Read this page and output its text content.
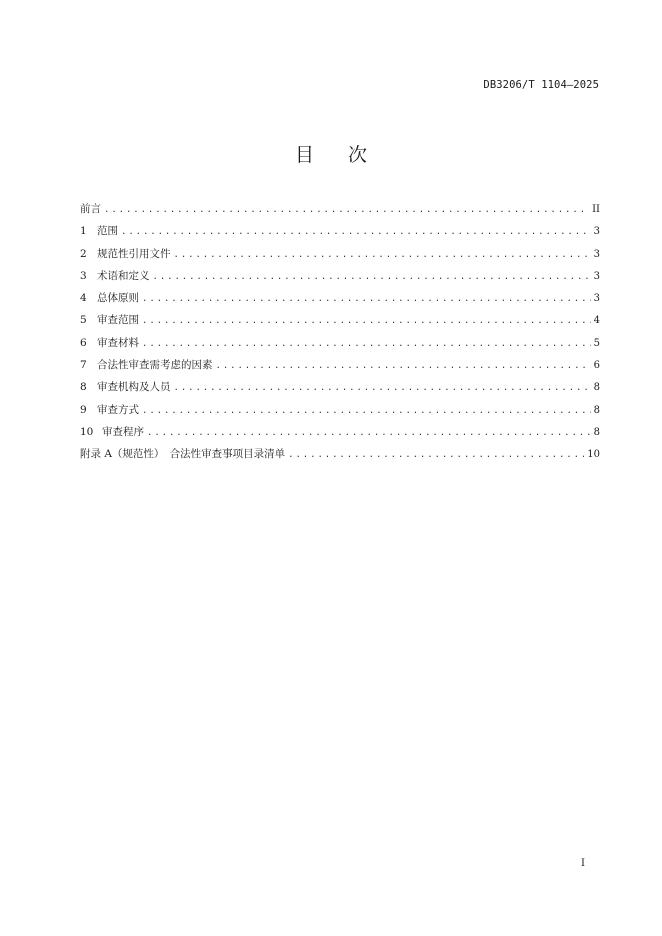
DB3206/T 1104—2025
目 次
前言 .....	II
1 范围 .....	3
2 规范性引用文件 .....	3
3 术语和定义 .....	3
4 总体原则 .....	3
5 审查范围 .....	4
6 审查材料 .....	5
7 合法性审查需考虑的因素 .....	6
8 审查机构及人员 .....	8
9 审查方式 .....	8
10 审查程序 .....	8
附录 A（规范性）　合法性审查事项目录清单 .....	10
I
